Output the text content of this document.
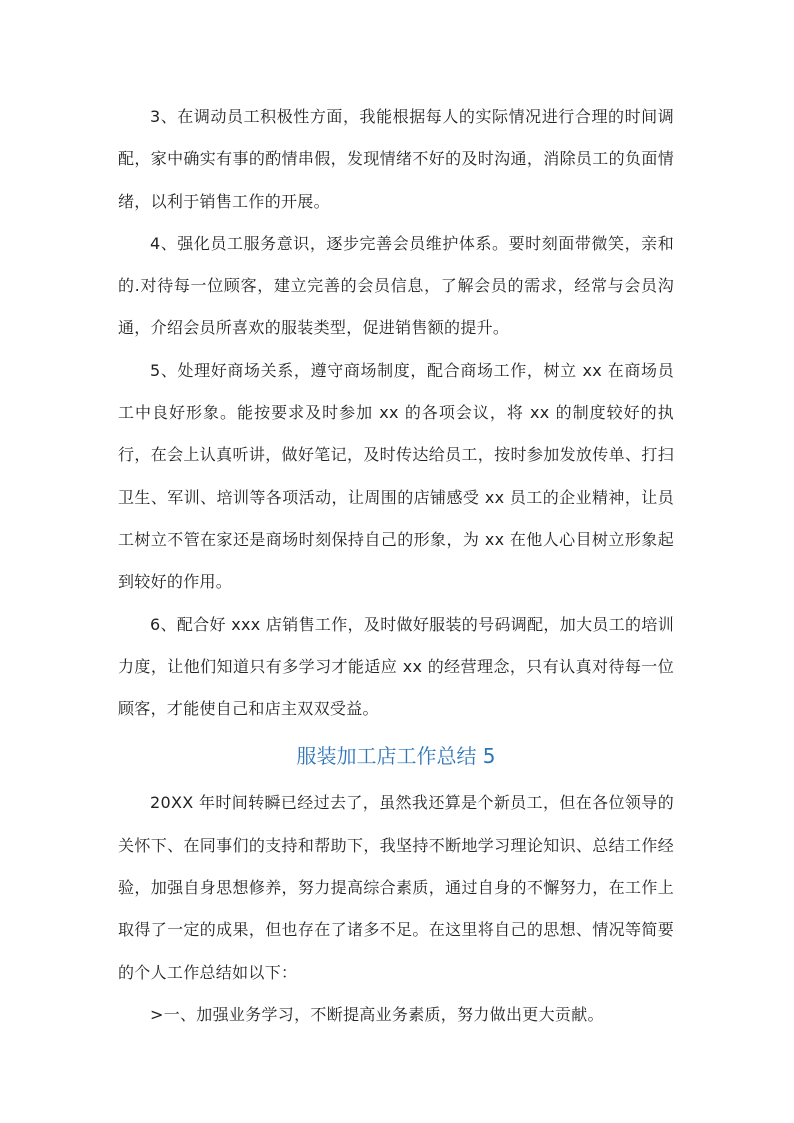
3、在调动员工积极性方面，我能根据每人的实际情况进行合理的时间调配，家中确实有事的酌情串假，发现情绪不好的及时沟通，消除员工的负面情绪，以利于销售工作的开展。

4、强化员工服务意识，逐步完善会员维护体系。要时刻面带微笑，亲和的.对待每一位顾客，建立完善的会员信息，了解会员的需求，经常与会员沟通，介绍会员所喜欢的服装类型，促进销售额的提升。

5、处理好商场关系，遵守商场制度，配合商场工作，树立 xx 在商场员工中良好形象。能按要求及时参加 xx 的各项会议，将 xx 的制度较好的执行，在会上认真听讲，做好笔记，及时传达给员工，按时参加发放传单、打扫卫生、军训、培训等各项活动，让周围的店铺感受 xx 员工的企业精神，让员工树立不管在家还是商场时刻保持自己的形象，为 xx 在他人心目树立形象起到较好的作用。

6、配合好 xxx 店销售工作，及时做好服装的号码调配，加大员工的培训力度，让他们知道只有多学习才能适应 xx 的经营理念，只有认真对待每一位顾客，才能使自己和店主双双受益。

服装加工店工作总结 5

20XX 年时间转瞬已经过去了，虽然我还算是个新员工，但在各位领导的关怀下、在同事们的支持和帮助下，我坚持不断地学习理论知识、总结工作经验，加强自身思想修养，努力提高综合素质，通过自身的不懈努力，在工作上取得了一定的成果，但也存在了诸多不足。在这里将自己的思想、情况等简要的个人工作总结如以下：

>一、加强业务学习，不断提高业务素质，努力做出更大贡献。
